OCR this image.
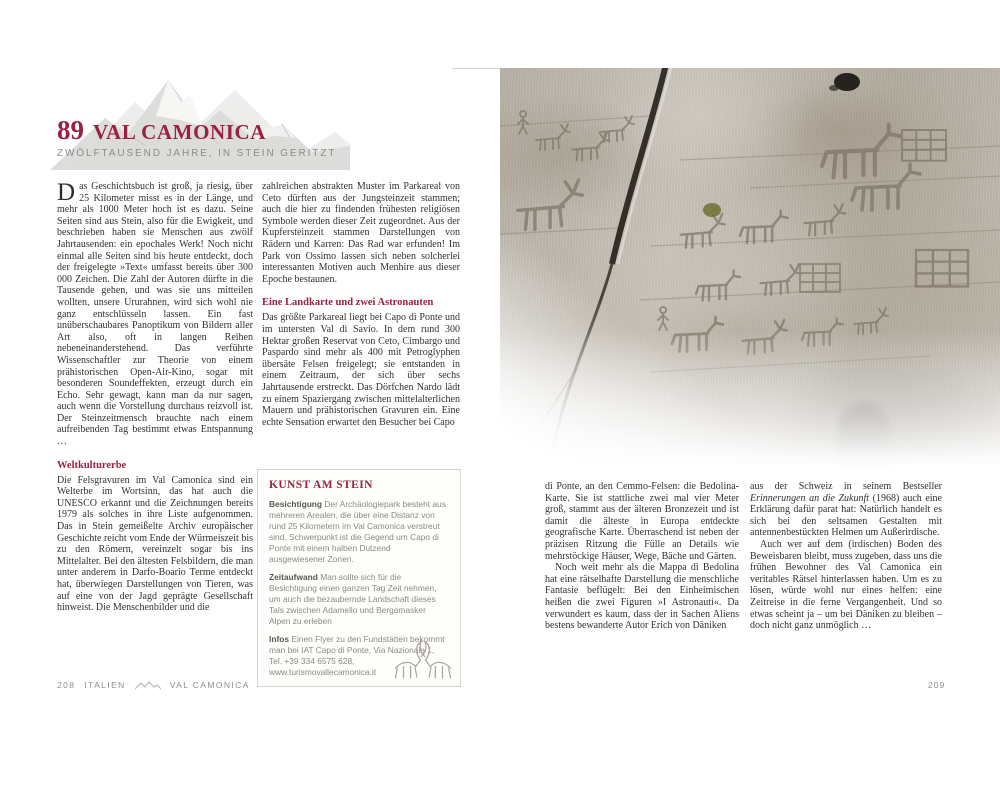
89 VAL CAMONICA
ZWÖLFTAUSEND JAHRE, IN STEIN GERITZT

Das Geschichtsbuch ist groß, ja riesig, über 25 Kilometer misst es in der Länge, und mehr als 1000 Meter hoch ist es dazu. Seine Seiten sind aus Stein, also für die Ewigkeit, und beschrieben haben sie Menschen aus zwölf Jahrtausenden: ein epochales Werk! Noch nicht einmal alle Seiten sind bis heute entdeckt, doch der freigelegte »Text« umfasst bereits über 300 000 Zeichen. Die Zahl der Autoren dürfte in die Tausende gehen, und was sie uns mitteilen wollten, unsere Ururahnen, wird sich wohl nie ganz entschlüsseln lassen. Ein fast unüberschaubares Panoptikum von Bildern aller Art also, oft in langen Reihen nebeneinanderstehend. Das verführte Wissenschaftler zur Theorie von einem prähistorischen Open-Air-Kino, sogar mit besonderen Soundeffekten, erzeugt durch ein Echo. Sehr gewagt, kann man da nur sagen, auch wenn die Vorstellung durchaus reizvoll ist. Der Steinzeitmensch brauchte nach einem aufreibenden Tag bestimmt etwas Entspannung …

Weltkulturerbe

Die Felsgravuren im Val Camonica sind ein Welterbe im Wortsinn, das hat auch die UNESCO erkannt und die Zeichnungen bereits 1979 als solches in ihre Liste aufgenommen. Das in Stein gemeißelte Archiv europäischer Geschichte reicht vom Ende der Würmeiszeit bis zu den Römern, vereinzelt sogar bis ins Mittelalter. Bei den ältesten Felsbildern, die man unter anderem in Darfo-Boario Terme entdeckt hat, überwiegen Darstellungen von Tieren, was auf eine von der Jagd geprägte Gesellschaft hinweist. Die Menschenbilder und die

zahlreichen abstrakten Muster im Parkareal von Ceto dürften aus der Jungsteinzeit stammen; auch die hier zu findenden frühesten religiösen Symbole werden dieser Zeit zugeordnet. Aus der Kupfersteinzeit stammen Darstellungen von Rädern und Karren: Das Rad war erfunden! Im Park von Ossimo lassen sich neben solcherlei interessanten Motiven auch Menhire aus dieser Epoche bestaunen.

Eine Landkarte und zwei Astronauten

Das größte Parkareal liegt bei Capo di Ponte und im untersten Val di Savio. In dem rund 300 Hektar großen Reservat von Ceto, Cimbargo und Paspardo sind mehr als 400 mit Petroglyphen übersäte Felsen freigelegt; sie entstanden in einem Zeitraum, der sich über sechs Jahrtausende erstreckt. Das Dörfchen Nardo lädt zu einem Spaziergang zwischen mittelalterlichen Mauern und prähistorischen Gravuren ein. Eine echte Sensation erwartet den Besucher bei Capo

KUNST AM STEIN

Besichtigung Der Archäologiepark besteht aus mehreren Arealen, die über eine Distanz von rund 25 Kilometern im Val Camonica verstreut sind. Schwerpunkt ist die Gegend um Capo di Ponte mit einem halben Dutzend ausgewiesener Zonen.

Zeitaufwand Man sollte sich für die Besichtigung einen ganzen Tag Zeit nehmen, um auch die bezaubernde Landschaft dieses Tals zwischen Adamello und Bergamasker Alpen zu erleben

Infos Einen Flyer zu den Fundstätten bekommt man bei IAT Capo di Ponte, Via Nazionale 1, Tel. +39 334 6575 628, www.turismovallecamonica.it

di Ponte, an den Cemmo-Felsen: die Bedolina-Karte. Sie ist stattliche zwei mal vier Meter groß, stammt aus der älteren Bronzezeit und ist damit die älteste in Europa entdeckte geografische Karte. Überraschend ist neben der präzisen Ritzung die Fülle an Details wie mehrstöckige Häuser, Wege, Bäche und Gärten.

Noch weit mehr als die Mappa di Bedolina hat eine rätselhafte Darstellung die menschliche Fantasie beflügelt: Bei den Einheimischen heißen die zwei Figuren »I Astronauti«. Da verwundert es kaum, dass der in Sachen Aliens bestens bewanderte Autor Erich von Däniken

aus der Schweiz in seinem Bestseller Erinnerungen an die Zukunft (1968) auch eine Erklärung dafür parat hat: Natürlich handelt es sich bei den seltsamen Gestalten mit antennenbestückten Helmen um Außerirdische.

Auch wer auf dem (irdischen) Boden des Beweisbaren bleibt, muss zugeben, dass uns die frühen Bewohner des Val Camonica ein veritables Rätsel hinterlassen haben. Um es zu lösen, würde wohl nur eines helfen: eine Zeitreise in die ferne Vergangenheit. Und so etwas scheint ja – um bei Däniken zu bleiben – doch nicht ganz unmöglich …

208 ITALIEN	VAL CAMONICA	209
